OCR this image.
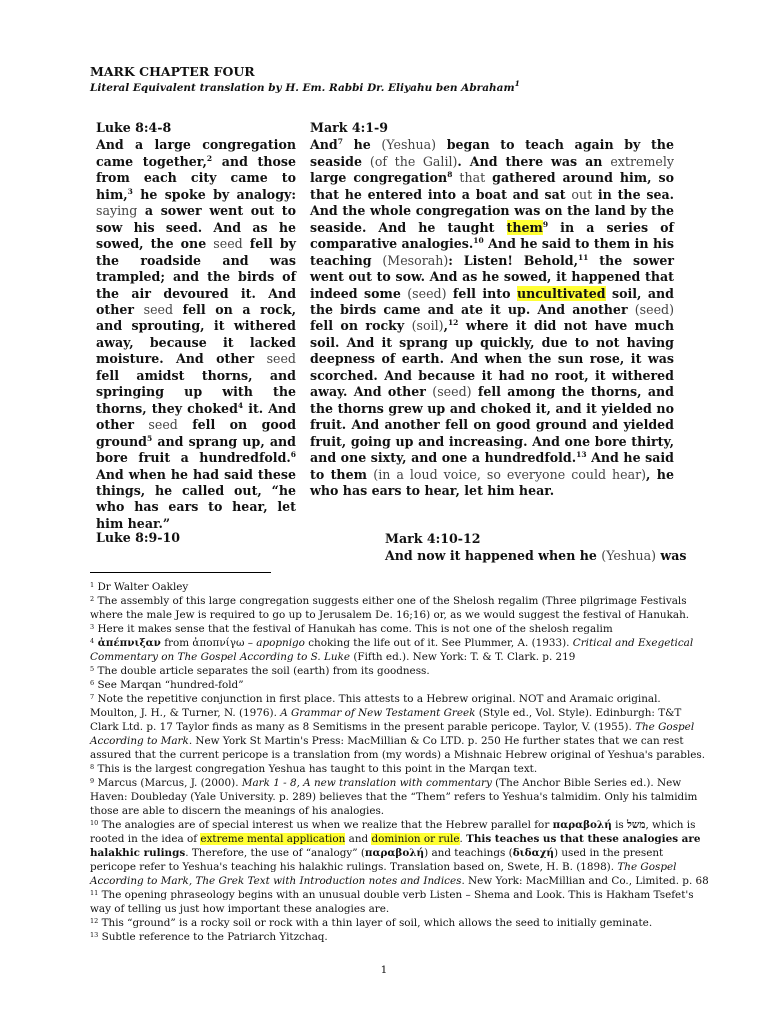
MARK CHAPTER FOUR
Literal Equivalent translation by H. Em. Rabbi Dr. Eliyahu ben Abraham$^1$
Luke 8:4-8
And a large congregation came together,$^2$ and those from each city came to him,$^3$ he spoke by analogy: saying a sower went out to sow his seed. And as he sowed, the one seed fell by the roadside and was trampled; and the birds of the air devoured it. And other seed fell on a rock, and sprouting, it withered away, because it lacked moisture. And other seed fell amidst thorns, and springing up with the thorns, they choked$^4$ it. And other seed fell on good ground$^5$ and sprang up, and bore fruit a hundredfold.$^6$ And when he had said these things, he called out, “he who has ears to hear, let him hear.”
Mark 4:1-9
And$^7$ he (Yeshua) began to teach again by the seaside (of the Galil). And there was an extremely large congregation$^8$ that gathered around him, so that he entered into a boat and sat out in the sea. And the whole congregation was on the land by the seaside. And he taught them$^9$ in a series of comparative analogies.$^{10}$ And he said to them in his teaching (Mesorah): Listen! Behold,$^{11}$ the sower went out to sow. And as he sowed, it happened that indeed some (seed) fell into uncultivated soil, and the birds came and ate it up. And another (seed) fell on rocky (soil),$^{12}$ where it did not have much soil. And it sprang up quickly, due to not having deepness of earth. And when the sun rose, it was scorched. And because it had no root, it withered away. And other (seed) fell among the thorns, and the thorns grew up and choked it, and it yielded no fruit. And another fell on good ground and yielded fruit, going up and increasing. And one bore thirty, and one sixty, and one a hundredfold.$^{13}$ And he said to them (in a loud voice, so everyone could hear), he who has ears to hear, let him hear.
Luke 8:9-10	Mark 4:10-12
And now it happened when he (Yeshua) was

$^1$ Dr Walter Oakley

$^2$ The assembly of this large congregation suggests either one of the Shelosh regalim (Three pilgrimage Festivals where the male Jew is required to go up to Jerusalem De. 16;16) or, as we would suggest the festival of Hanukah.

$^3$ Here it makes sense that the festival of Hanukah has come. This is not one of the shelosh regalim

$^4$ ἀπέπνιξαν from ἀποπνίγω – apopnigo choking the life out of it. See Plummer, A. (1933). Critical and Exegetical Commentary on The Gospel According to S. Luke (Fifth ed.). New York: T. & T. Clark. p. 219

$^5$ The double article separates the soil (earth) from its goodness.

$^6$ See Marqan “hundred-fold”

$^7$ Note the repetitive conjunction in first place. This attests to a Hebrew original. NOT and Aramaic original. Moulton, J. H., & Turner, N. (1976). A Grammar of New Testament Greek (Style ed., Vol. Style). Edinburgh: T&T Clark Ltd. p. 17 Taylor finds as many as 8 Semitisms in the present parable pericope. Taylor, V. (1955). The Gospel According to Mark. New York St Martin's Press: MacMillian & Co LTD. p. 250 He further states that we can rest assured that the current pericope is a translation from (my words) a Mishnaic Hebrew original of Yeshua's parables.

$^8$ This is the largest congregation Yeshua has taught to this point in the Marqan text.

$^9$ Marcus (Marcus, J. (2000). Mark 1 - 8, A new translation with commentary (The Anchor Bible Series ed.). New Haven: Doubleday (Yale University. p. 289) believes that the “Them” refers to Yeshua's talmidim. Only his talmidim those are able to discern the meanings of his analogies.

$^{10}$ The analogies are of special interest us when we realize that the Hebrew parallel for παραβολή is משל, which is rooted in the idea of extreme mental application and dominion or rule. This teaches us that these analogies are halakhic rulings. Therefore, the use of “analogy” (παραβολή) and teachings (διδαχή) used in the present pericope refer to Yeshua's teaching his halakhic rulings. Translation based on, Swete, H. B. (1898). The Gospel According to Mark, The Grek Text with Introduction notes and Indices. New York: MacMillian and Co., Limited. p. 68

$^{11}$ The opening phraseology begins with an unusual double verb Listen – Shema and Look. This is Hakham Tsefet's way of telling us just how important these analogies are.

$^{12}$ This “ground” is a rocky soil or rock with a thin layer of soil, which allows the seed to initially geminate.

$^{13}$ Subtle reference to the Patriarch Yitzchaq.

1
